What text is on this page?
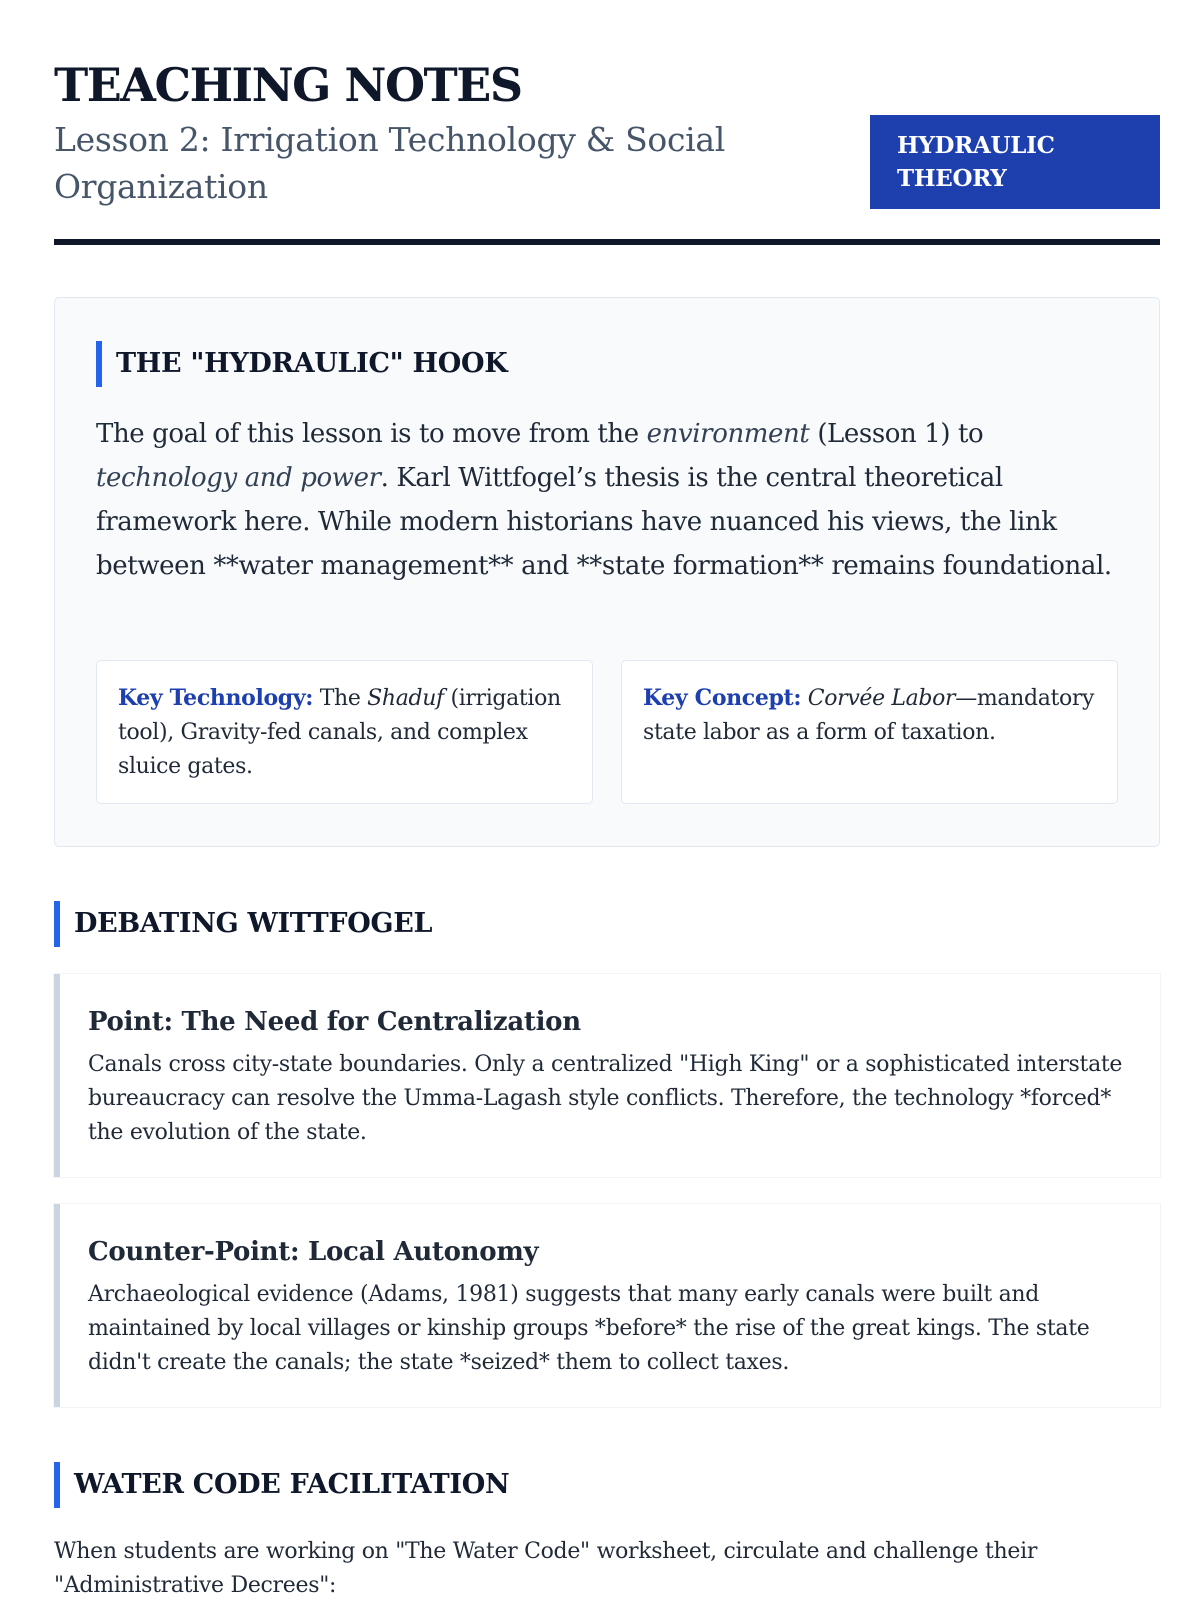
TEACHING NOTES
Lesson 2: Irrigation Technology & Social Organization
HYDRAULIC THEORY
THE "HYDRAULIC" HOOK

The goal of this lesson is to move from the environment (Lesson 1) to technology and power. Karl Wittfogel’s thesis is the central theoretical framework here. While modern historians have nuanced his views, the link between **water management** and **state formation** remains foundational.

Key Technology: The Shaduf (irrigation tool), Gravity-fed canals, and complex sluice gates.
Key Concept: Corvée Labor—mandatory state labor as a form of taxation.
DEBATING WITTFOGEL
Point: The Need for Centralization
Canals cross city-state boundaries. Only a centralized "High King" or a sophisticated interstate bureaucracy can resolve the Umma-Lagash style conflicts. Therefore, the technology *forced* the evolution of the state.
Counter-Point: Local Autonomy
Archaeological evidence (Adams, 1981) suggests that many early canals were built and maintained by local villages or kinship groups *before* the rise of the great kings. The state didn't create the canals; the state *seized* them to collect taxes.
WATER CODE FACILITATION

When students are working on "The Water Code" worksheet, circulate and challenge their "Administrative Decrees":
